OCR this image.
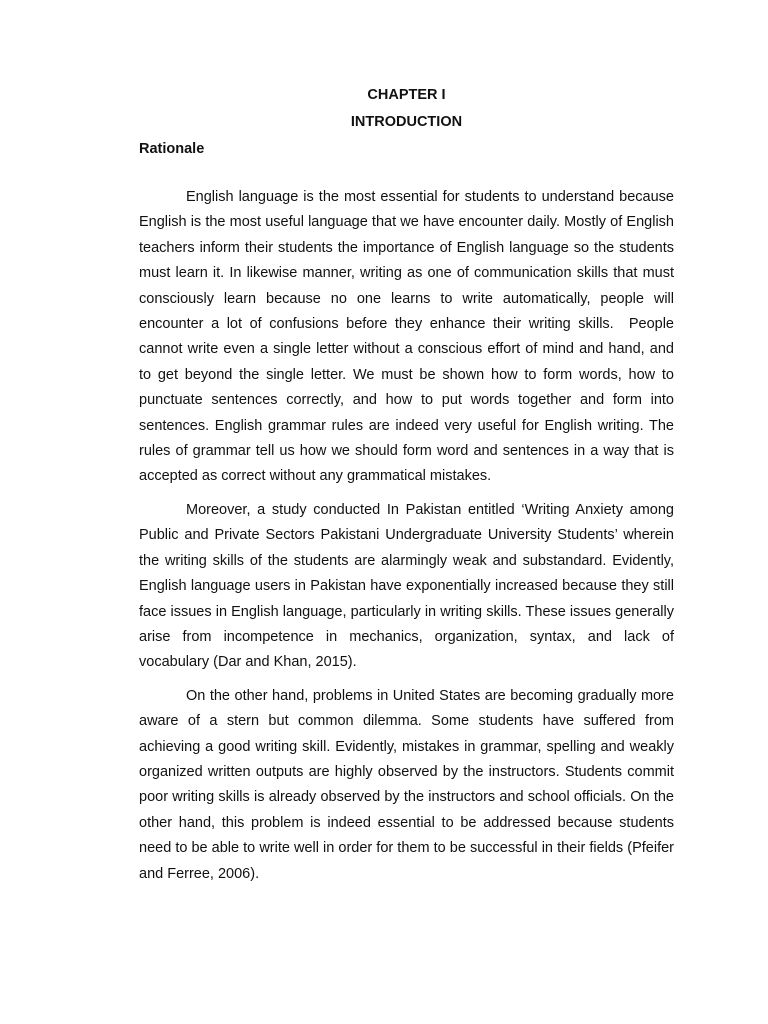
CHAPTER I
INTRODUCTION
Rationale

English language is the most essential for students to understand because English is the most useful language that we have encounter daily. Mostly of English teachers inform their students the importance of English language so the students must learn it. In likewise manner, writing as one of communication skills that must consciously learn because no one learns to write automatically, people will encounter a lot of confusions before they enhance their writing skills.  People cannot write even a single letter without a conscious effort of mind and hand, and to get beyond the single letter. We must be shown how to form words, how to punctuate sentences correctly, and how to put words together and form into sentences. English grammar rules are indeed very useful for English writing. The rules of grammar tell us how we should form word and sentences in a way that is accepted as correct without any grammatical mistakes.

Moreover, a study conducted In Pakistan entitled ‘Writing Anxiety among Public and Private Sectors Pakistani Undergraduate University Students’ wherein the writing skills of the students are alarmingly weak and substandard. Evidently, English language users in Pakistan have exponentially increased because they still face issues in English language, particularly in writing skills. These issues generally arise from incompetence in mechanics, organization, syntax, and lack of vocabulary (Dar and Khan, 2015).

On the other hand, problems in United States are becoming gradually more aware of a stern but common dilemma. Some students have suffered from achieving a good writing skill. Evidently, mistakes in grammar, spelling and weakly organized written outputs are highly observed by the instructors. Students commit poor writing skills is already observed by the instructors and school officials. On the other hand, this problem is indeed essential to be addressed because students need to be able to write well in order for them to be successful in their fields (Pfeifer and Ferree, 2006).
